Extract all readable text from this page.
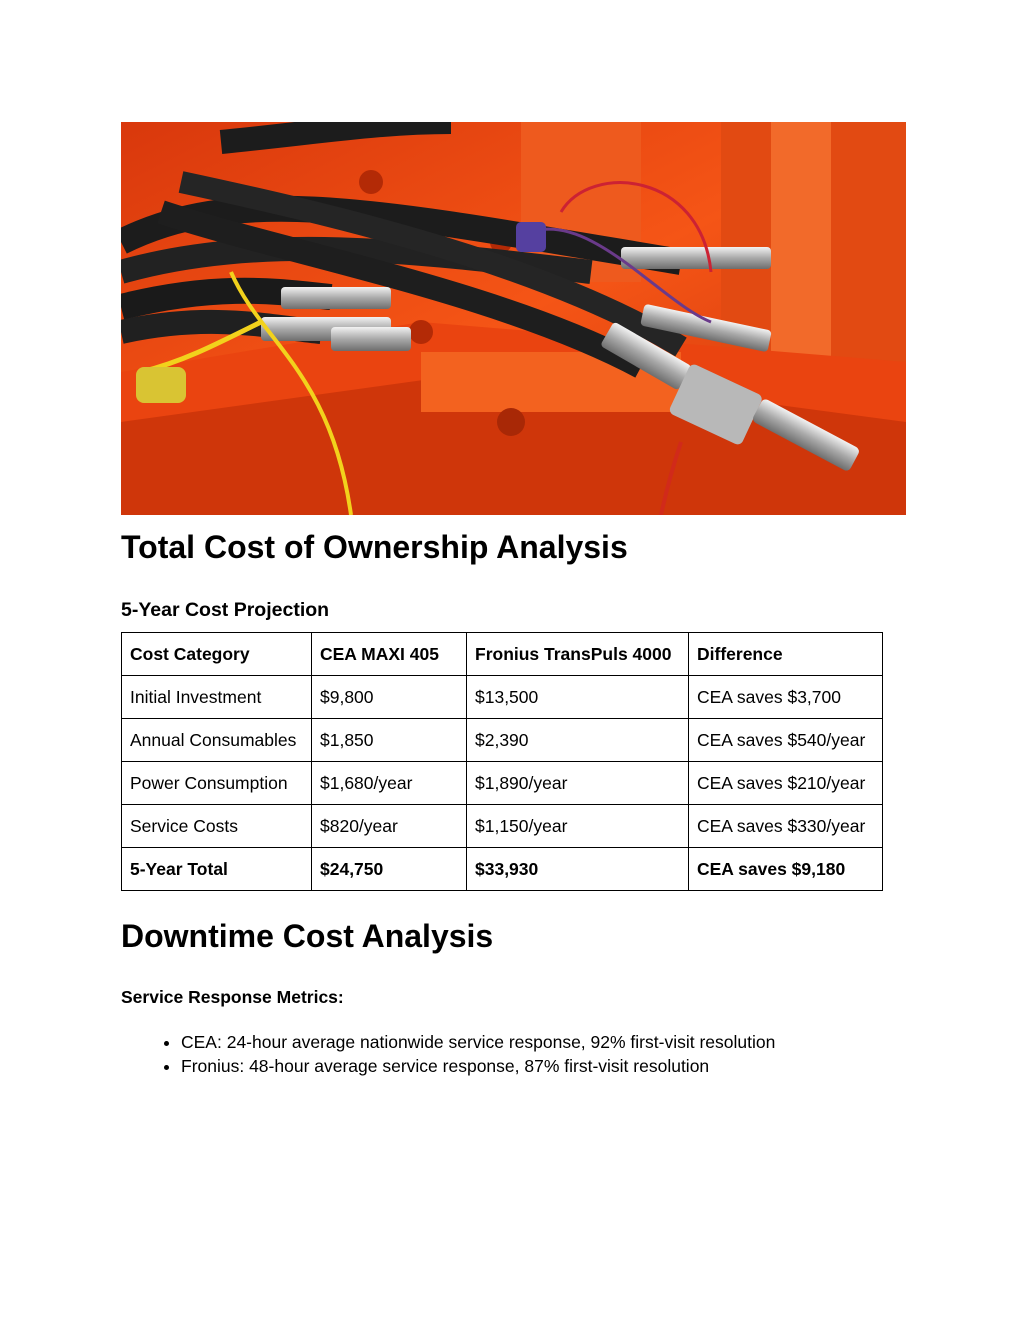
Total Cost of Ownership Analysis
5-Year Cost Projection
Cost Category	CEA MAXI 405	Fronius TransPuls 4000	Difference
Initial Investment	$9,800	$13,500	CEA saves $3,700
Annual Consumables	$1,850	$2,390	CEA saves $540/year
Power Consumption	$1,680/year	$1,890/year	CEA saves $210/year
Service Costs	$820/year	$1,150/year	CEA saves $330/year
5-Year Total	$24,750	$33,930	CEA saves $9,180
Downtime Cost Analysis

Service Response Metrics:

• CEA: 24-hour average nationwide service response, 92% first-visit resolution
• Fronius: 48-hour average service response, 87% first-visit resolution
